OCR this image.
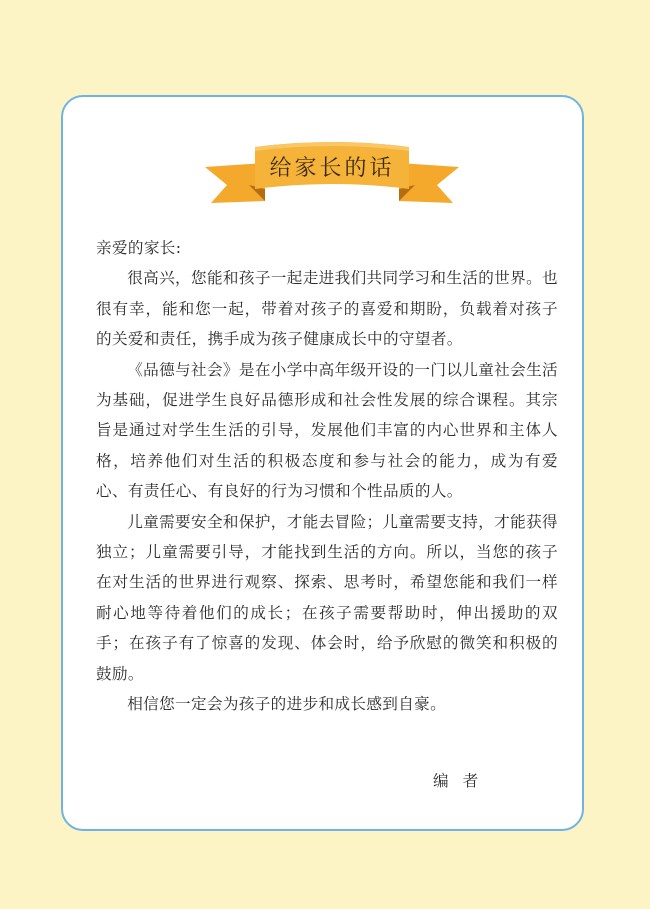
给家长的话

亲爱的家长:

很高兴，您能和孩子一起走进我们共同学习和生活的世界。也很有幸，能和您一起，带着对孩子的喜爱和期盼，负载着对孩子的关爱和责任，携手成为孩子健康成长中的守望者。

《品德与社会》是在小学中高年级开设的一门以儿童社会生活为基础，促进学生良好品德形成和社会性发展的综合课程。其宗旨是通过对学生生活的引导，发展他们丰富的内心世界和主体人格，培养他们对生活的积极态度和参与社会的能力，成为有爱心、有责任心、有良好的行为习惯和个性品质的人。

儿童需要安全和保护，才能去冒险；儿童需要支持，才能获得独立；儿童需要引导，才能找到生活的方向。所以，当您的孩子在对生活的世界进行观察、探索、思考时，希望您能和我们一样耐心地等待着他们的成长；在孩子需要帮助时，伸出援助的双手；在孩子有了惊喜的发现、体会时，给予欣慰的微笑和积极的鼓励。

相信您一定会为孩子的进步和成长感到自豪。

编者
